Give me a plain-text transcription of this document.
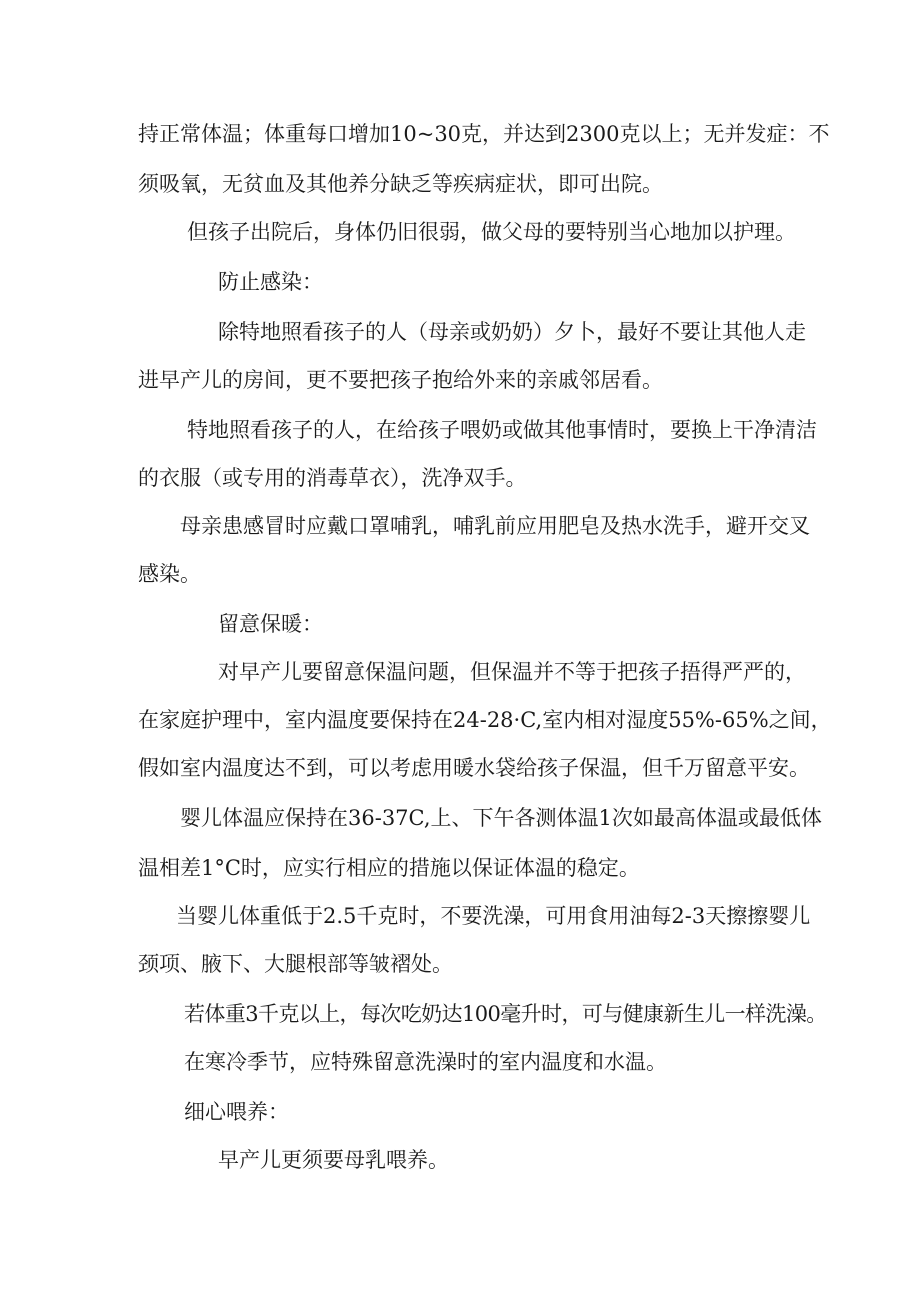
持正常体温；体重每口增加10~30克，并达到2300克以上；无并发症：不
须吸氧，无贫血及其他养分缺乏等疾病症状，即可出院。
但孩子出院后，身体仍旧很弱，做父母的要特别当心地加以护理。
防止感染：
除特地照看孩子的人（母亲或奶奶）夕卜，最好不要让其他人走
进早产儿的房间，更不要把孩子抱给外来的亲戚邻居看。
特地照看孩子的人，在给孩子喂奶或做其他事情时，要换上干净清洁
的衣服（或专用的消毒草衣），洗净双手。
母亲患感冒时应戴口罩哺乳，哺乳前应用肥皂及热水洗手，避开交叉
感染。
留意保暖：
对早产儿要留意保温问题，但保温并不等于把孩子捂得严严的，
在家庭护理中，室内温度要保持在24-28·C,室内相对湿度55%-65%之间，
假如室内温度达不到，可以考虑用暖水袋给孩子保温，但千万留意平安。
婴儿体温应保持在36-37C,上、下午各测体温1次如最高体温或最低体
温相差1°C时，应实行相应的措施以保证体温的稳定。
当婴儿体重低于2.5千克时，不要洗澡，可用食用油每2-3天擦擦婴儿
颈项、腋下、大腿根部等皱褶处。
若体重3千克以上，每次吃奶达100毫升时，可与健康新生儿一样洗澡。
在寒冷季节，应特殊留意洗澡时的室内温度和水温。
细心喂养：
早产儿更须要母乳喂养。
